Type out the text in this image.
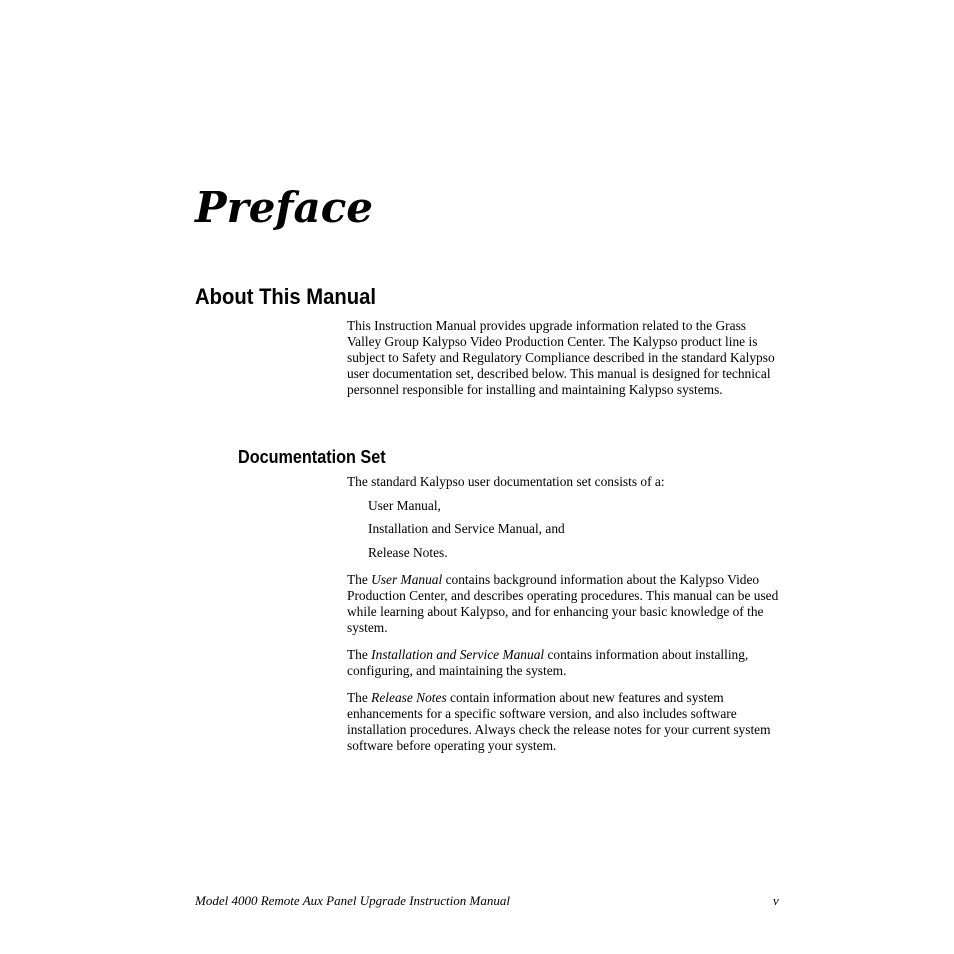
Preface
About This Manual

This Instruction Manual provides upgrade information related to the Grass Valley Group Kalypso Video Production Center. The Kalypso product line is subject to Safety and Regulatory Compliance described in the standard Kalypso user documentation set, described below. This manual is designed for technical personnel responsible for installing and maintaining Kalypso systems.

Documentation Set

The standard Kalypso user documentation set consists of a:

User Manual,

Installation and Service Manual, and

Release Notes.

The User Manual contains background information about the Kalypso Video Production Center, and describes operating procedures. This manual can be used while learning about Kalypso, and for enhancing your basic knowledge of the system.

The Installation and Service Manual contains information about installing, configuring, and maintaining the system.

The Release Notes contain information about new features and system enhancements for a specific software version, and also includes software installation procedures. Always check the release notes for your current system software before operating your system.

Model 4000 Remote Aux Panel Upgrade Instruction Manual	v
